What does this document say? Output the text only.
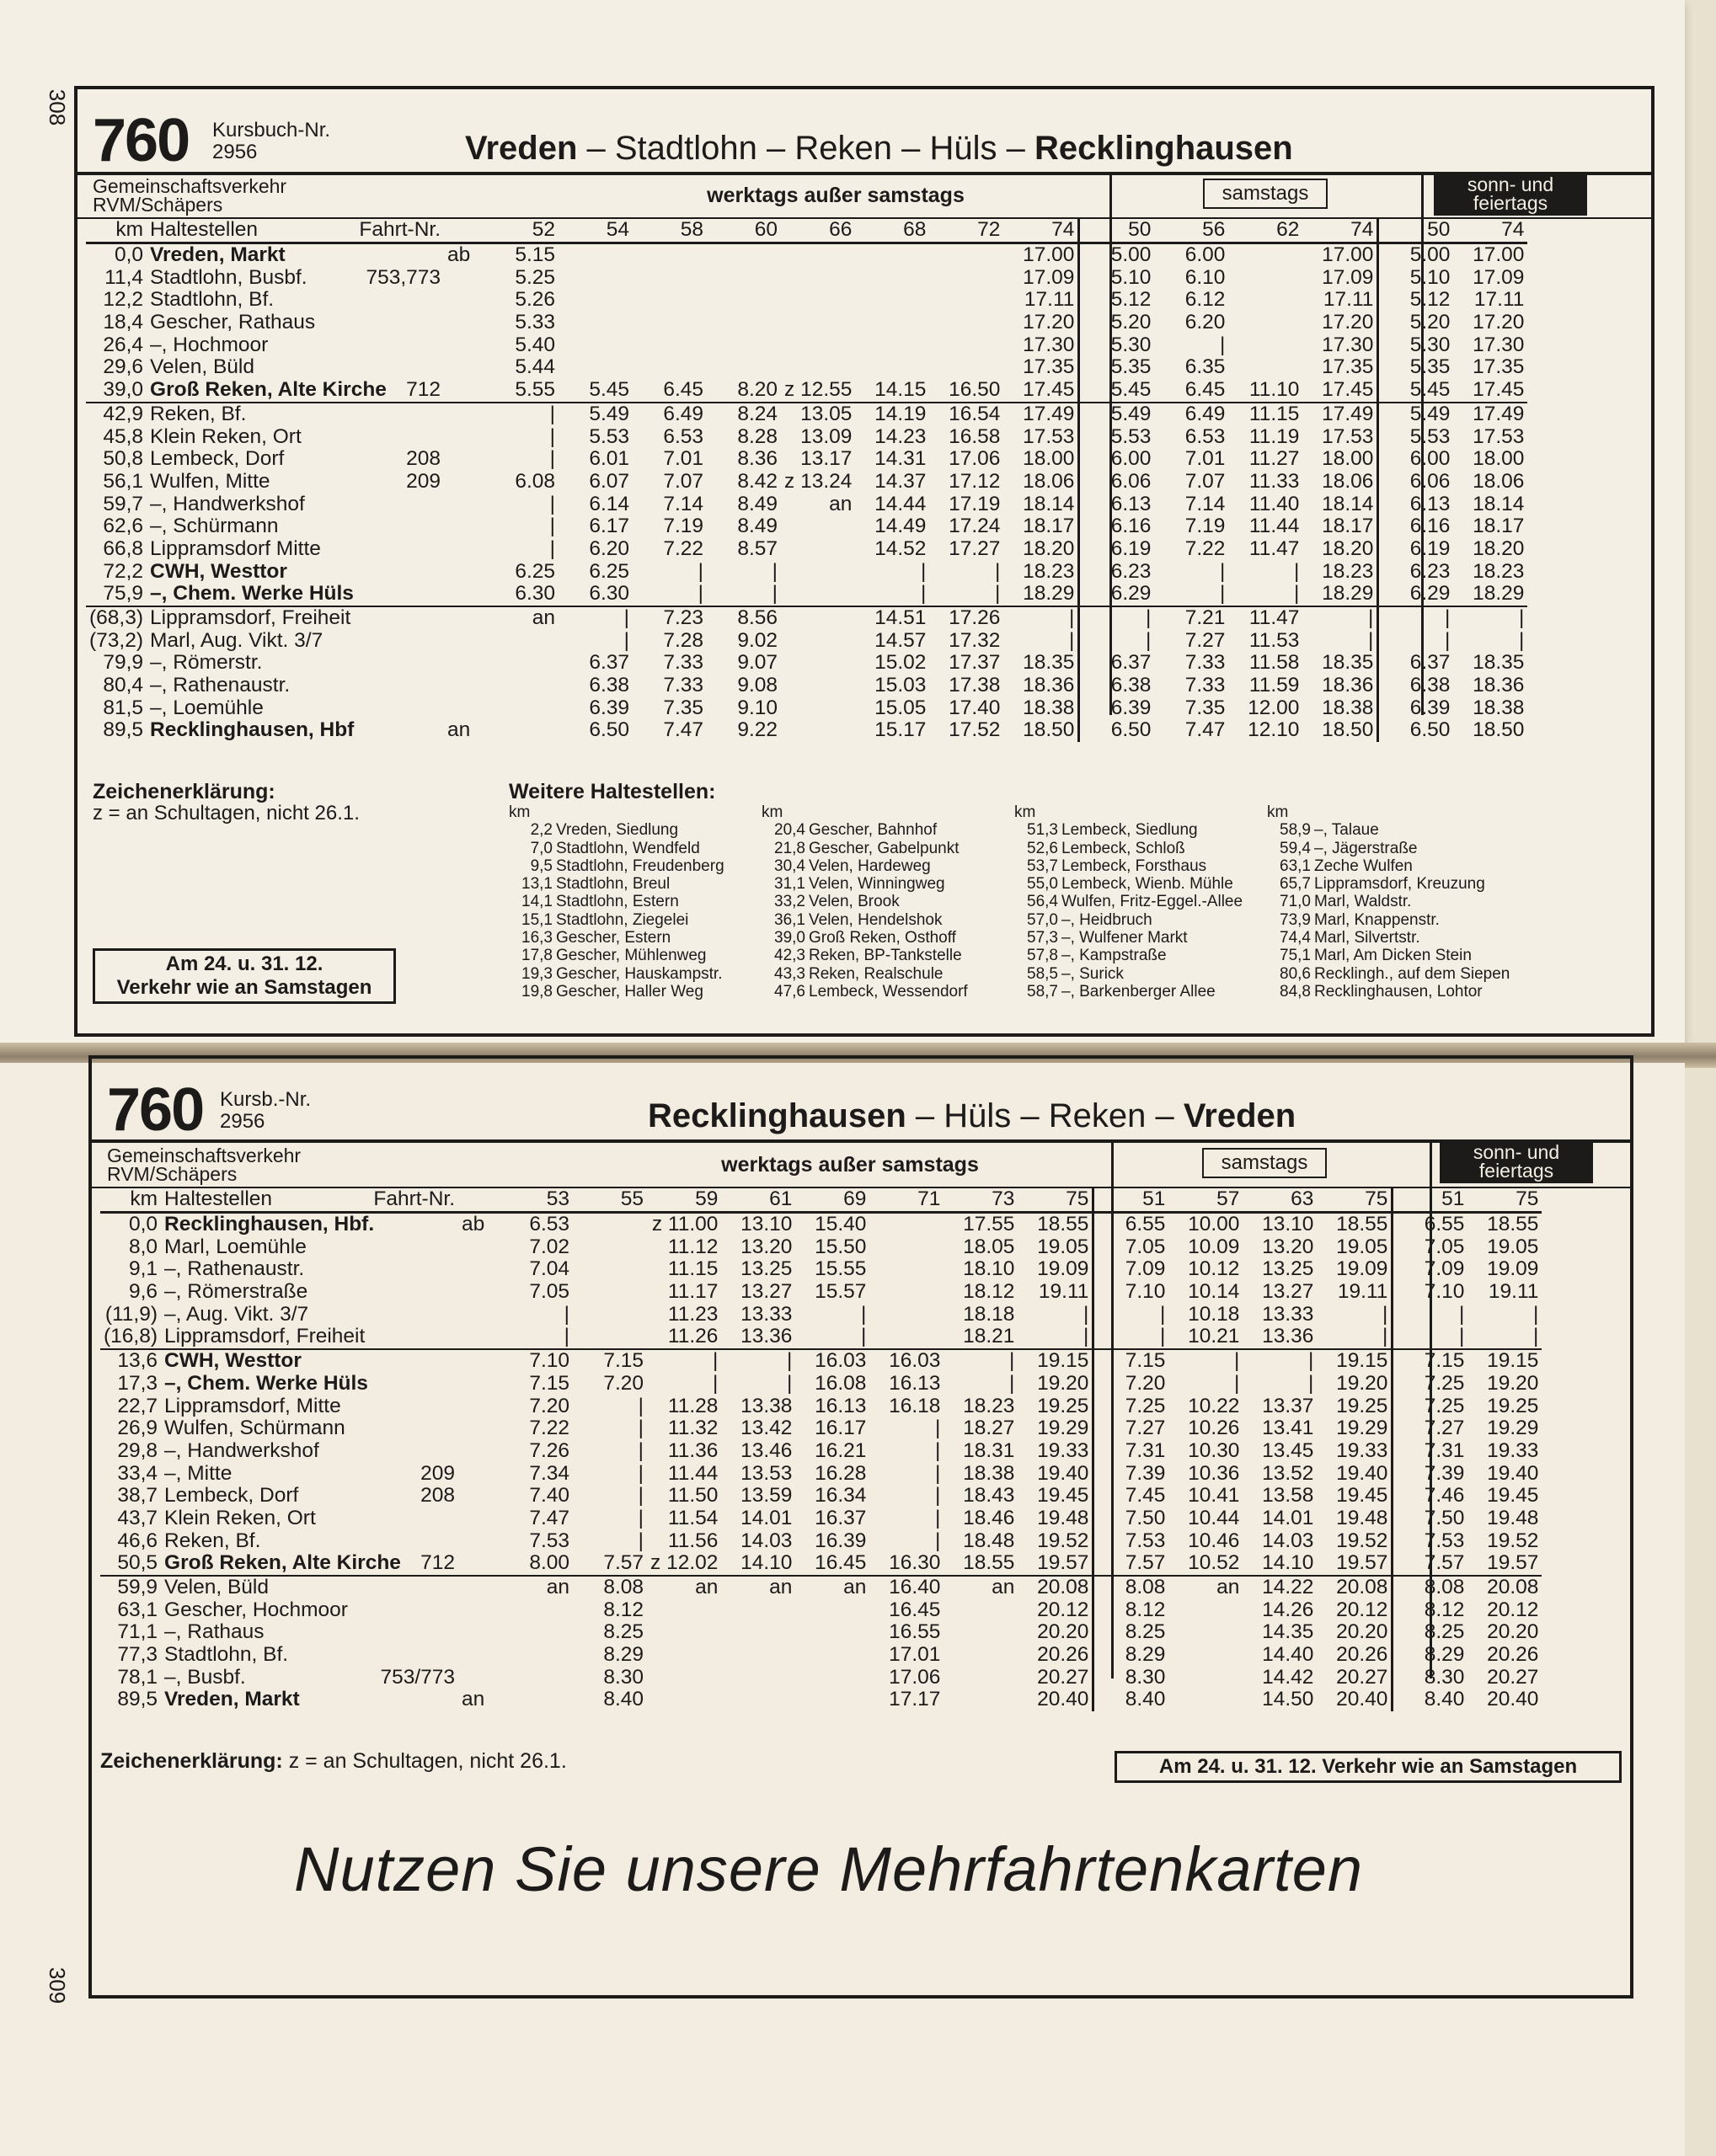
308 760 Kursbuch-Nr.
2956	Vreden – Stadtlohn – Reken – Hüls – Recklinghausen
Gemeinschaftsverkehr
RVM/Schäpers	werktags außer samstags	samstags	sonn- und feiertags
km	Haltestellen Fahrt-Nr.		52	54	58	60	66	68	72	74	50	56	62	74	50	74
0,0	Vreden, Markt	ab	5.15							17.00	5.00	6.00		17.00	5.00	17.00
11,4	Stadtlohn, Busbf. 753,773		5.25							17.09	5.10	6.10		17.09	5.10	17.09
12,2	Stadtlohn, Bf.		5.26							17.11	5.12	6.12		17.11	5.12	17.11
18,4	Gescher, Rathaus		5.33							17.20	5.20	6.20		17.20	5.20	17.20
26,4	–, Hochmoor		5.40							17.30	5.30	|		17.30	5.30	17.30
29,6	Velen, Büld		5.44							17.35	5.35	6.35		17.35	5.35	17.35
39,0	Groß Reken, Alte Kirche 712		5.55	5.45	6.45	8.20	z 12.55	14.15	16.50	17.45	5.45	6.45	11.10	17.45	5.45	17.45
42,9	Reken, Bf.		|	5.49	6.49	8.24	13.05	14.19	16.54	17.49	5.49	6.49	11.15	17.49	5.49	17.49
45,8	Klein Reken, Ort		|	5.53	6.53	8.28	13.09	14.23	16.58	17.53	5.53	6.53	11.19	17.53	5.53	17.53
50,8	Lembeck, Dorf 208		|	6.01	7.01	8.36	13.17	14.31	17.06	18.00	6.00	7.01	11.27	18.00	6.00	18.00
56,1	Wulfen, Mitte 209		6.08	6.07	7.07	8.42	z 13.24	14.37	17.12	18.06	6.06	7.07	11.33	18.06	6.06	18.06
59,7	–, Handwerkshof		|	6.14	7.14	8.49	an	14.44	17.19	18.14	6.13	7.14	11.40	18.14	6.13	18.14
62,6	–, Schürmann		|	6.17	7.19	8.49		14.49	17.24	18.17	6.16	7.19	11.44	18.17	6.16	18.17
66,8	Lippramsdorf Mitte		|	6.20	7.22	8.57		14.52	17.27	18.20	6.19	7.22	11.47	18.20	6.19	18.20
72,2	CWH, Westtor		6.25	6.25	|	|		|	|	18.23	6.23	|	|	18.23	6.23	18.23
75,9	–, Chem. Werke Hüls		6.30	6.30	|	|		|	|	18.29	6.29	|	|	18.29	6.29	18.29
(68,3)	Lippramsdorf, Freiheit		an	|	7.23	8.56		14.51	17.26	|	|	7.21	11.47	|	|	|
(73,2)	Marl, Aug. Vikt. 3/7			|	7.28	9.02		14.57	17.32	|	|	7.27	11.53	|	|	|
79,9	–, Römerstr.			6.37	7.33	9.07		15.02	17.37	18.35	6.37	7.33	11.58	18.35	6.37	18.35
80,4	–, Rathenaustr.			6.38	7.33	9.08		15.03	17.38	18.36	6.38	7.33	11.59	18.36	6.38	18.36
81,5	–, Loemühle			6.39	7.35	9.10		15.05	17.40	18.38	6.39	7.35	12.00	18.38	6.39	18.38
89,5	Recklinghausen, Hbf	an		6.50	7.47	9.22		15.17	17.52	18.50	6.50	7.47	12.10	18.50	6.50	18.50
Zeichenerklärung:
z = an Schultagen, nicht 26.1.
Weitere Haltestellen:
km
2,2 Vreden, Siedlung
7,0 Stadtlohn, Wendfeld
9,5 Stadtlohn, Freudenberg
13,1 Stadtlohn, Breul
14,1 Stadtlohn, Estern
15,1 Stadtlohn, Ziegelei
16,3 Gescher, Estern
17,8 Gescher, Mühlenweg
19,3 Gescher, Hauskampstr.
19,8 Gescher, Haller Weg
km
20,4 Gescher, Bahnhof
21,8 Gescher, Gabelpunkt
30,4 Velen, Hardeweg
31,1 Velen, Winningweg
33,2 Velen, Brook
36,1 Velen, Hendelshok
39,0 Groß Reken, Osthoff
42,3 Reken, BP-Tankstelle
43,3 Reken, Realschule
47,6 Lembeck, Wessendorf
km
51,3 Lembeck, Siedlung
52,6 Lembeck, Schloß
53,7 Lembeck, Forsthaus
55,0 Lembeck, Wienb. Mühle
56,4 Wulfen, Fritz-Eggel.-Allee
57,0 –, Heidbruch
57,3 –, Wulfener Markt
57,8 –, Kampstraße
58,5 –, Surick
58,7 –, Barkenberger Allee
km
58,9 –, Talaue
59,4 –, Jägerstraße
63,1 Zeche Wulfen
65,7 Lippramsdorf, Kreuzung
71,0 Marl, Waldstr.
73,9 Marl, Knappenstr.
74,4 Marl, Silvertstr.
75,1 Marl, Am Dicken Stein
80,6 Recklingh., auf dem Siepen
84,8 Recklinghausen, Lohtor
Am 24. u. 31. 12.
Verkehr wie an Samstagen
309
760 Kursb.-Nr.
2956	Recklinghausen – Hüls – Reken – Vreden
Gemeinschaftsverkehr
RVM/Schäpers	werktags außer samstags	samstags	sonn- und feiertags
km	Haltestellen Fahrt-Nr.		53	55	59	61	69	71	73	75	51	57	63	75	51	75
0,0	Recklinghausen, Hbf.	ab	6.53		z 11.00	13.10	15.40		17.55	18.55	6.55	10.00	13.10	18.55	6.55	18.55
8,0	Marl, Loemühle		7.02		11.12	13.20	15.50		18.05	19.05	7.05	10.09	13.20	19.05	7.05	19.05
9,1	–, Rathenaustr.		7.04		11.15	13.25	15.55		18.10	19.09	7.09	10.12	13.25	19.09	7.09	19.09
9,6	–, Römerstraße		7.05		11.17	13.27	15.57		18.12	19.11	7.10	10.14	13.27	19.11	7.10	19.11
(11,9)	–, Aug. Vikt. 3/7		|		11.23	13.33	|		18.18	|	|	10.18	13.33	|	|	|
(16,8)	Lippramsdorf, Freiheit		|		11.26	13.36	|		18.21	|	|	10.21	13.36	|	|	|
13,6	CWH, Westtor		7.10	7.15	|	|	16.03	16.03	|	19.15	7.15	|	|	19.15	7.15	19.15
17,3	–, Chem. Werke Hüls		7.15	7.20	|	|	16.08	16.13	|	19.20	7.20	|	|	19.20	7.25	19.20
22,7	Lippramsdorf, Mitte		7.20	|	11.28	13.38	16.13	16.18	18.23	19.25	7.25	10.22	13.37	19.25	7.25	19.25
26,9	Wulfen, Schürmann		7.22	|	11.32	13.42	16.17	|	18.27	19.29	7.27	10.26	13.41	19.29	7.27	19.29
29,8	–, Handwerkshof		7.26	|	11.36	13.46	16.21	|	18.31	19.33	7.31	10.30	13.45	19.33	7.31	19.33
33,4	–, Mitte 209		7.34	|	11.44	13.53	16.28	|	18.38	19.40	7.39	10.36	13.52	19.40	7.39	19.40
38,7	Lembeck, Dorf 208		7.40	|	11.50	13.59	16.34	|	18.43	19.45	7.45	10.41	13.58	19.45	7.46	19.45
43,7	Klein Reken, Ort		7.47	|	11.54	14.01	16.37	|	18.46	19.48	7.50	10.44	14.01	19.48	7.50	19.48
46,6	Reken, Bf.		7.53	|	11.56	14.03	16.39	|	18.48	19.52	7.53	10.46	14.03	19.52	7.53	19.52
50,5	Groß Reken, Alte Kirche 712		8.00	7.57	z 12.02	14.10	16.45	16.30	18.55	19.57	7.57	10.52	14.10	19.57	7.57	19.57
59,9	Velen, Büld		an	8.08	an	an	an	16.40	an	20.08	8.08	an	14.22	20.08	8.08	20.08
63,1	Gescher, Hochmoor			8.12				16.45		20.12	8.12		14.26	20.12	8.12	20.12
71,1	–, Rathaus			8.25				16.55		20.20	8.25		14.35	20.20	8.25	20.20
77,3	Stadtlohn, Bf.			8.29				17.01		20.26	8.29		14.40	20.26	8.29	20.26
78,1	–, Busbf. 753/773			8.30				17.06		20.27	8.30		14.42	20.27	8.30	20.27
89,5	Vreden, Markt	an		8.40				17.17		20.40	8.40		14.50	20.40	8.40	20.40
Zeichenerklärung: z = an Schultagen, nicht 26.1.	Am 24. u. 31. 12. Verkehr wie an Samstagen
Nutzen Sie unsere Mehrfahrtenkarten
